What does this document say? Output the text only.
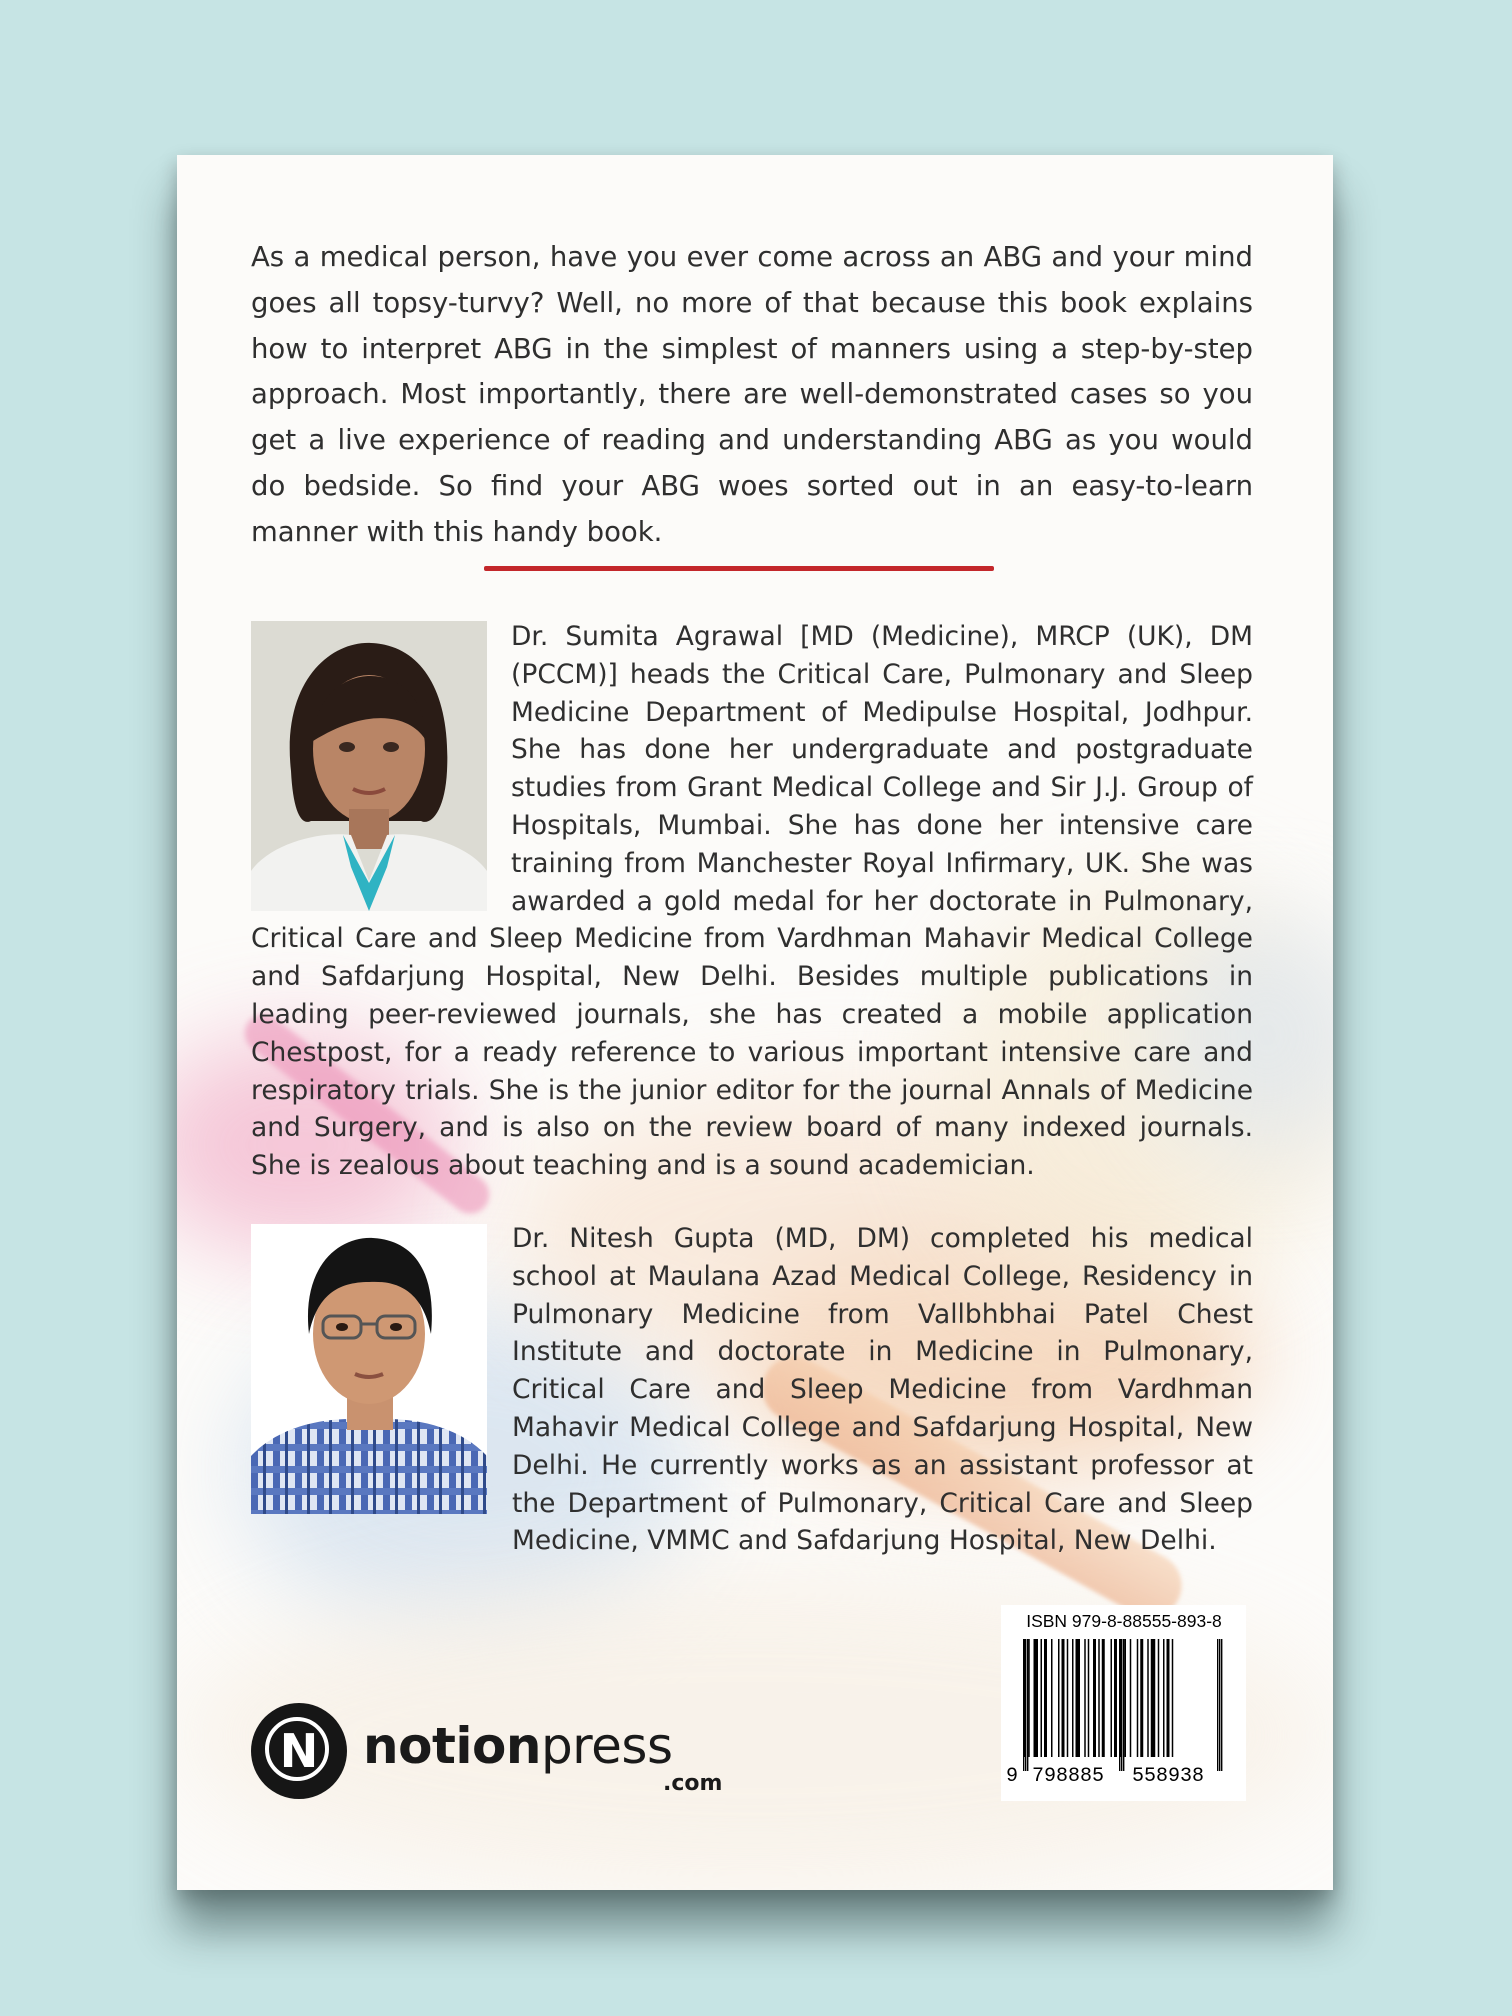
As a medical person, have you ever come across an ABG and your mind goes all topsy-turvy? Well, no more of that because this book explains how to interpret ABG in the simplest of manners using a step-by-step approach. Most importantly, there are well-demonstrated cases so you get a live experience of reading and understanding ABG as you would do bedside. So find your ABG woes sorted out in an easy-to-learn manner with this handy book.
Dr. Sumita Agrawal [MD (Medicine), MRCP (UK), DM (PCCM)] heads the Critical Care, Pulmonary and Sleep Medicine Department of Medipulse Hospital, Jodhpur. She has done her undergraduate and postgraduate studies from Grant Medical College and Sir J.J. Group of Hospitals, Mumbai. She has done her intensive care training from Manchester Royal Infirmary, UK. She was awarded a gold medal for her doctorate in Pulmonary, Critical Care and Sleep Medicine from Vardhman Mahavir Medical College and Safdarjung Hospital, New Delhi. Besides multiple publications in leading peer-reviewed journals, she has created a mobile application Chestpost, for a ready reference to various important intensive care and respiratory trials. She is the junior editor for the journal Annals of Medicine and Surgery, and is also on the review board of many indexed journals. She is zealous about teaching and is a sound academician.
Dr. Nitesh Gupta (MD, DM) completed his medical school at Maulana Azad Medical College, Residency in Pulmonary Medicine from Vallbhbhai Patel Chest Institute and doctorate in Medicine in Pulmonary, Critical Care and Sleep Medicine from Vardhman Mahavir Medical College and Safdarjung Hospital, New Delhi. He currently works as an assistant professor at the Department of Pulmonary, Critical Care and Sleep Medicine, VMMC and Safdarjung Hospital, New Delhi.
N notionpress
.com
ISBN 979-8-88555-893-8
9 798885 558938
